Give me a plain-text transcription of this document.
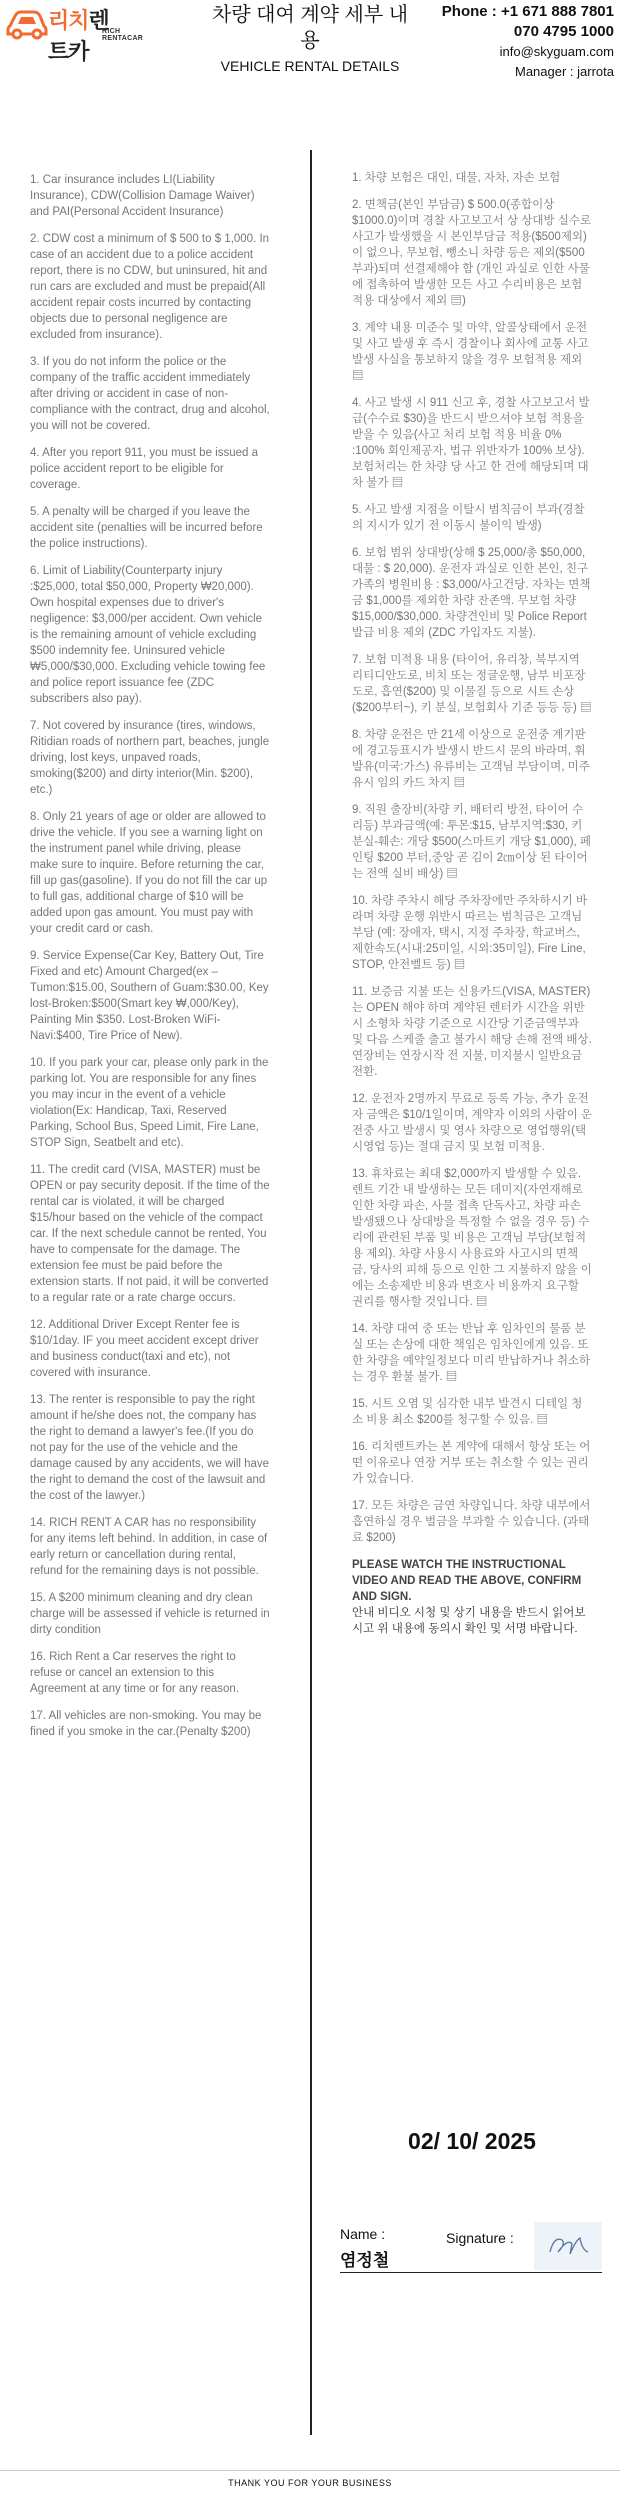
리치렌트카
RICH RENTACAR
차량 대여 계약 세부 내용
VEHICLE RENTAL DETAILS
Phone : +1 671 888 7801
070 4795 1000
info@skyguam.com
Manager : jarrota

1. Car insurance includes LI(Liability Insurance), CDW(Collision Damage Waiver) and PAI(Personal Accident Insurance)

2. CDW cost a minimum of $ 500 to $ 1,000. In case of an accident due to a police accident report, there is no CDW, but uninsured, hit and run cars are excluded and must be prepaid(All accident repair costs incurred by contacting objects due to personal negligence are excluded from insurance).

3. If you do not inform the police or the company of the traffic accident immediately after driving or accident in case of non-compliance with the contract, drug and alcohol, you will not be covered.

4. After you report 911, you must be issued a police accident report to be eligible for coverage.

5. A penalty will be charged if you leave the accident site (penalties will be incurred before the police instructions).

6. Limit of Liability(Counterparty injury :$25,000, total $50,000, Property ₩20,000). Own hospital expenses due to driver's negligence: $3,000/per accident. Own vehicle is the remaining amount of vehicle excluding $500 indemnity fee. Uninsured vehicle ₩5,000/$30,000. Excluding vehicle towing fee and police report issuance fee (ZDC subscribers also pay).

7. Not covered by insurance (tires, windows, Ritidian roads of northern part, beaches, jungle driving, lost keys, unpaved roads, smoking($200) and dirty interior(Min. $200), etc.)

8. Only 21 years of age or older are allowed to drive the vehicle. If you see a warning light on the instrument panel while driving, please make sure to inquire. Before returning the car, fill up gas(gasoline). If you do not fill the car up to full gas, additional charge of $10 will be added upon gas amount. You must pay with your credit card or cash.

9. Service Expense(Car Key, Battery Out, Tire Fixed and etc) Amount Charged(ex – Tumon:$15.00, Southern of Guam:$30.00, Key lost-Broken:$500(Smart key ₩,000/Key), Painting Min $350. Lost-Broken WiFi-Navi:$400, Tire Price of New).

10. If you park your car, please only park in the parking lot. You are responsible for any fines you may incur in the event of a vehicle violation(Ex: Handicap, Taxi, Reserved Parking, School Bus, Speed Limit, Fire Lane, STOP Sign, Seatbelt and etc).

11. The credit card (VISA, MASTER) must be OPEN or pay security deposit. If the time of the rental car is violated, it will be charged $15/hour based on the vehicle of the compact car. If the next schedule cannot be rented, You have to compensate for the damage. The extension fee must be paid before the extension starts. If not paid, it will be converted to a regular rate or a rate charge occurs.

12. Additional Driver Except Renter fee is $10/1day. IF you meet accident except driver and business conduct(taxi and etc), not covered with insurance.

13. The renter is responsible to pay the right amount if he/she does not, the company has the right to demand a lawyer's fee.(If you do not pay for the use of the vehicle and the damage caused by any accidents, we will have the right to demand the cost of the lawsuit and the cost of the lawyer.)

14. RICH RENT A CAR has no responsibility for any items left behind. In addition, in case of early return or cancellation during rental, refund for the remaining days is not possible.

15. A $200 minimum cleaning and dry clean charge will be assessed if vehicle is returned in dirty condition

16. Rich Rent a Car reserves the right to refuse or cancel an extension to this Agreement at any time or for any reason.

17. All vehicles are non-smoking. You may be fined if you smoke in the car.(Penalty $200)

1. 차량 보험은 대인, 대물, 자차, 자손 보험

2. 면책금(본인 부담금) $ 500.0(종합이상 $1000.0)이며 경찰 사고보고서 상 상대방 실수로 사고가 발생했을 시 본인부담금 적용($500제외)이 없으나, 무보험, 뺑소니 차량 등은 제외($500 부과)되며 선결제해야 함 (개인 과실로 인한 사물에 접촉하여 발생한 모든 사고 수리비용은 보험적용 대상에서 제외 ▤)

3. 계약 내용 미준수 및 마약, 알콜상태에서 운전 및 사고 발생 후 즉시 경찰이나 회사에 교통 사고 발생 사실을 통보하지 않을 경우 보험적용 제외 ▤

4. 사고 발생 시 911 신고 후, 경찰 사고보고서 발급(수수료 $30)을 반드시 받으셔야 보험 적용을 받을 수 있음(사고 처리 보험 적용 비율 0% :100% 회인제공자, 법규 위반자가 100% 보상). 보험처리는 한 차량 당 사고 한 건에 해당되며 대차 불가 ▤

5. 사고 발생 지점을 이탈시 범칙금이 부과(경찰의 지시가 있기 전 이동시 불이익 발생)

6. 보험 범위 상대방(상해 $ 25,000/총 $50,000, 대물 : $ 20,000). 운전자 과실로 인한 본인, 친구 가족의 병원비용 : $3,000/사고건당. 자차는 면책금 $1,000를 제외한 차량 잔존액. 무보험 차량 $15,000/$30,000. 차량견인비 및 Police Report 발급 비용 제외 (ZDC 가입자도 지불).

7. 보험 미적용 내용 (타이어, 유리창, 북부지역 리티디안도로, 비치 또는 정글운행, 남부 비포장도로, 흡연($200) 및 이물질 등으로 시트 손상 ($200부터~), 키 분실, 보험회사 기준 등등 등) ▤

8. 차량 운전은 만 21세 이상으로 운전중 계기판에 경고등표시가 발생시 반드시 문의 바라며, 휘발유(미국:가스) 유류비는 고객님 부담이며, 미주유시 임의 카드 차지 ▤

9. 직원 출장비(차량 키, 배터리 방전, 타이어 수리등) 부과금액(예: 투몬:$15, 남부지역:$30, 키분실-훼손: 개당 $500(스마트키 개당 $1,000), 페인팅 $200 부터,중앙 곧 김이 2㎝이상 된 타이어는 전액 실비 배상) ▤

10. 차량 주차시 해당 주차장에만 주차하시기 바라며 차량 운행 위반시 따르는 범칙금은 고객님 부담 (예: 장애자, 택시, 지정 주차장, 학교버스, 제한속도(시내:25미일, 시외:35미일), Fire Line, STOP, 안전벨트 등) ▤

11. 보증금 지불 또는 신용카드(VISA, MASTER)는 OPEN 해야 하며 계약된 렌터카 시간을 위반시 소형차 차량 기준으로 시간당 기준금액부과 및 다음 스케줄 출고 불가시 해당 손해 전액 배상. 연장비는 연장시작 전 지불, 미지불시 일반요금 전환.

12. 운전자 2명까지 무료로 등록 가능, 추가 운전자 금액은 $10/1일이며, 계약자 이외의 사람이 운전중 사고 발생시 및 영사 차량으로 영업행위(택시영업 등)는 절대 금지 및 보험 미적용.

13. 휴차료는 최대 $2,000까지 발생할 수 있음. 렌트 기간 내 발생하는 모든 데미지(자연재해로 인한 차량 파손, 사물 접촉 단독사고, 차량 파손 발생됐으나 상대방을 특정할 수 없을 경우 등) 수리에 관련된 부품 및 비용은 고객님 부담(보험적용 제외). 차량 사용시 사용료와 사고시의 면책금, 당사의 피해 등으로 인한 그 지불하지 않을 이에는 소송제반 비용과 변호사 비용까지 요구할 권리를 행사할 것입니다. ▤

14. 차량 대여 중 또는 반납 후 임차인의 물품 분실 또는 손상에 대한 책임은 임차인에게 있음. 또한 차량을 예약일정보다 미리 반납하거나 취소하는 경우 환불 불가. ▤

15. 시트 오염 및 심각한 내부 발견시 디테일 청소 비용 최소 $200를 청구할 수 있음. ▤

16. 리치렌트카는 본 계약에 대해서 항상 또는 어떤 이유로나 연장 거부 또는 취소할 수 있는 권리가 있습니다.

17. 모든 차량은 금연 차량입니다. 차량 내부에서 흡연하실 경우 벌금을 부과할 수 있습니다. (과태료 $200)

PLEASE WATCH THE INSTRUCTIONAL VIDEO AND READ THE ABOVE, CONFIRM AND SIGN.
안내 비디오 시청 및 상기 내용을 반드시 읽어보시고 위 내용에 동의시 확인 및 서명 바랍니다.
02/ 10/ 2025
Name :
염정철
Signature :
THANK YOU FOR YOUR BUSINESS
